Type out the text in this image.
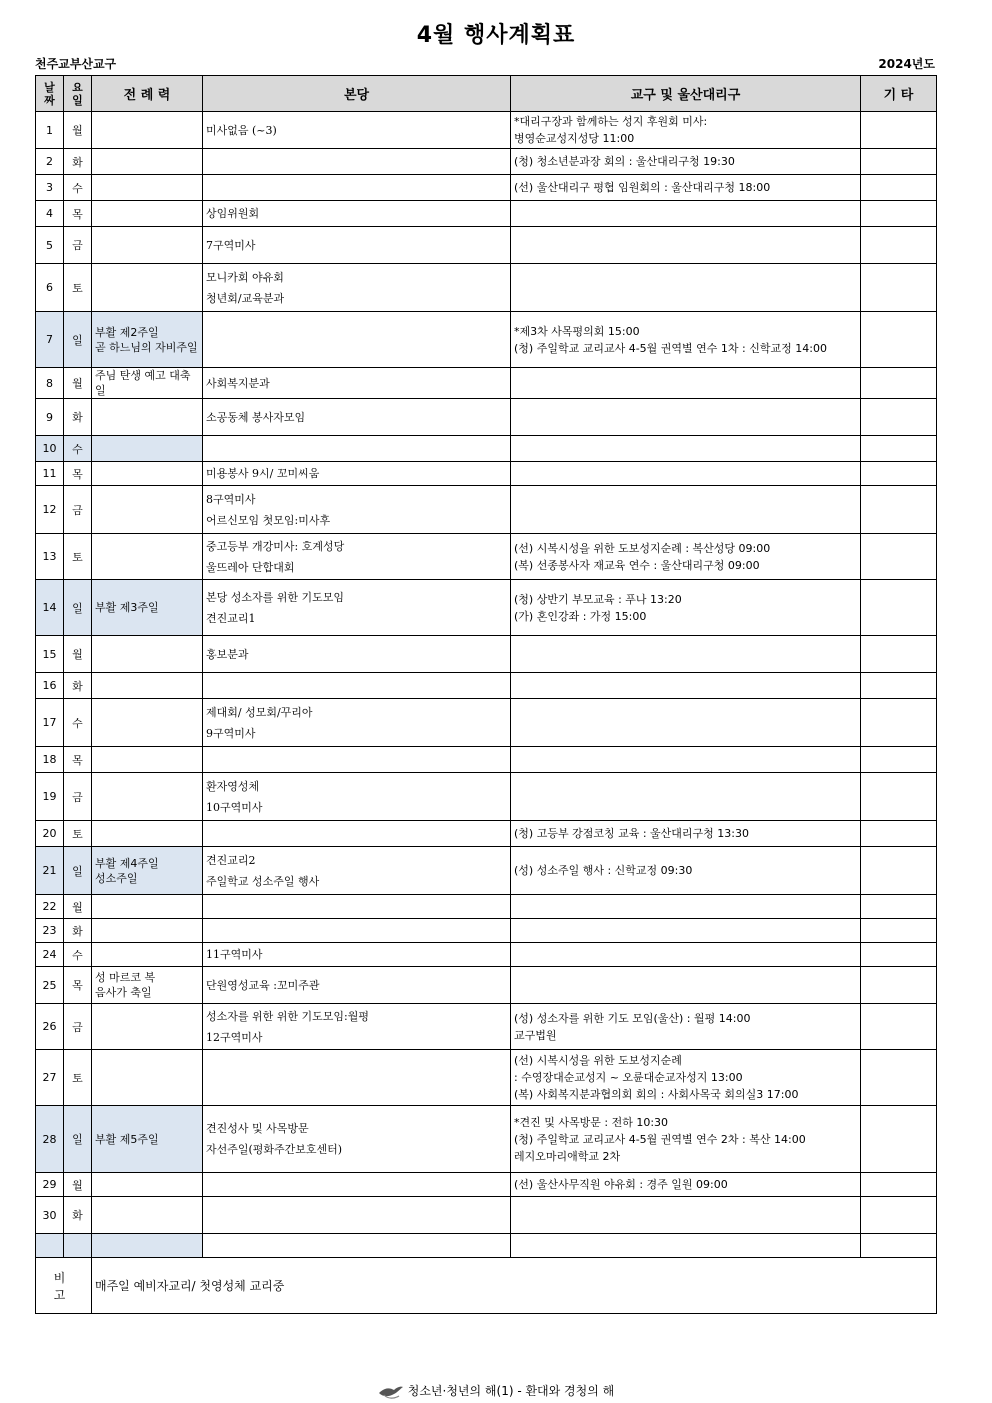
4월 행사계획표
천주교부산교구	2024년도
날
짜	요
일	전 례 력	본당	교구 및 울산대리구	기 타
1	월		미사없음 (~3)	*대리구장과 함께하는 성지 후원회 미사:
병영순교성지성당 11:00	
2	화			(청) 청소년분과장 회의 : 울산대리구청 19:30	
3	수			(선) 울산대리구 평협 임원회의 : 울산대리구청 18:00	
4	목		상임위원회		
5	금		7구역미사		
6	토		모니카회 야유회
청년회/교육분과		
7	일	부활 제2주일
곧 하느님의 자비주일		*제3차 사목평의회 15:00
(청) 주일학교 교리교사 4-5월 권역별 연수 1차 : 신학교정 14:00	
8	월	주님 탄생 예고 대축일	사회복지분과		
9	화		소공동체 봉사자모임		
10	수				
11	목		미용봉사 9시/ 꼬미씨움		
12	금		8구역미사
어르신모임 첫모임:미사후		
13	토		중고등부 개강미사: 호계성당
울뜨레아 단합대회	(선) 시복시성을 위한 도보성지순례 : 복산성당 09:00
(복) 선종봉사자 재교육 연수 : 울산대리구청 09:00	
14	일	부활 제3주일	본당 성소자를 위한 기도모임
견진교리1	(청) 상반기 부모교육 : 푸나 13:20
(가) 혼인강좌 : 가정 15:00	
15	월		홍보분과		
16	화				
17	수		제대회/ 성모회/꾸리아
9구역미사		
18	목				
19	금		환자영성체
10구역미사		
20	토			(청) 고등부 강점코칭 교육 : 울산대리구청 13:30	
21	일	부활 제4주일
성소주일	견진교리2
주일학교 성소주일 행사	(성) 성소주일 행사 : 신학교정 09:30	
22	월				
23	화				
24	수		11구역미사		
25	목	성 마르코 복
음사가 축일	단원영성교육 :꼬미주관		
26	금		성소자를 위한 위한 기도모임:월평
12구역미사	(성) 성소자를 위한 기도 모임(울산) : 월평 14:00
교구법원	
27	토			(선) 시복시성을 위한 도보성지순례
: 수영장대순교성지 ~ 오륜대순교자성지 13:00
(복) 사회복지분과협의회 회의 : 사회사목국 회의실3 17:00	
28	일	부활 제5주일	견진성사 및 사목방문
자선주일(평화주간보호센터)	*견진 및 사목방문 : 전하 10:30
(청) 주일학교 교리교사 4-5월 권역별 연수 2차 : 복산 14:00
레지오마리애학교 2차	
29	월			(선) 울산사무직원 야유회 : 경주 일원 09:00	
30	화				

비 고		매주일 예비자교리/ 첫영성체 교리중			
청소년·청년의 해(1) - 환대와 경청의 해
